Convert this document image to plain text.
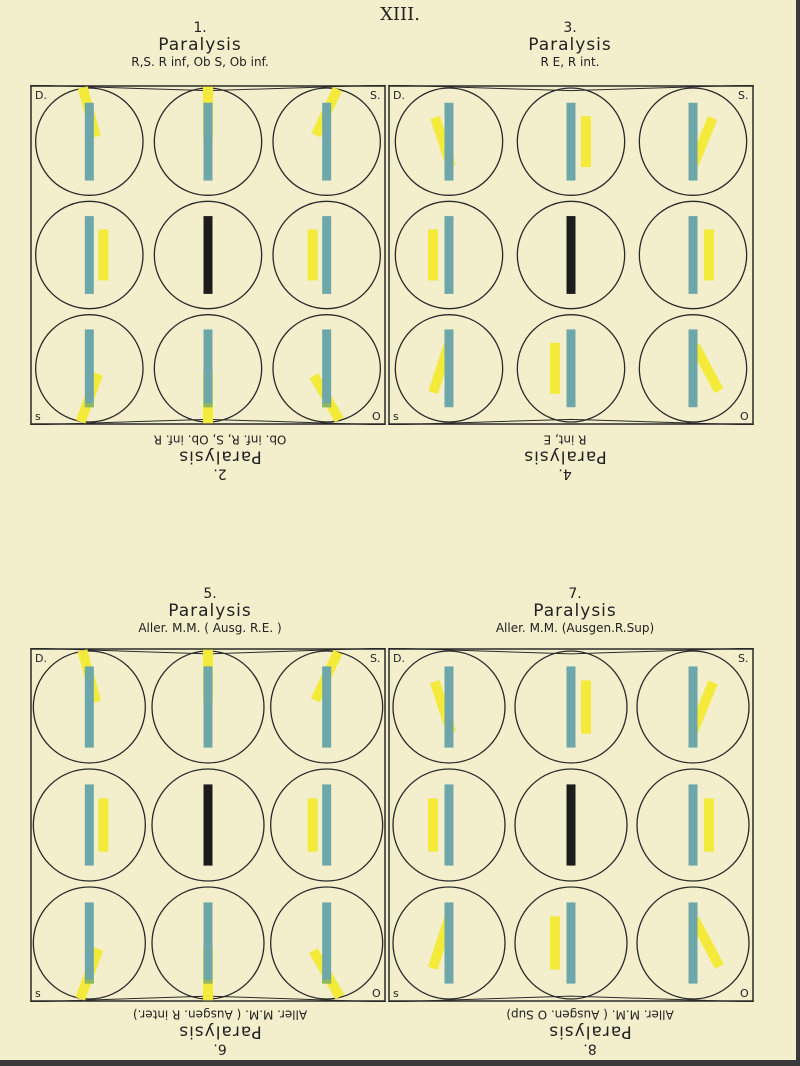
XIII.
1.
Paralysis
R,S. R inf, Ob S, Ob inf.
3.
Paralysis
R E, R int.
D.	S.
s	O
D.	S.
s	O
2.
Paralysis
Ob. inf. R, S, Ob. inf. R
4.
Paralysis
R int, E
5.
Paralysis
Aller. M.M. ( Ausg. R.E. )
7.
Paralysis
Aller. M.M. (Ausgen.R.Sup)
D.	S.
s	O
D.	S.
s	O
6.
Paralysis
Aller. M.M. ( Ausgen. R inter.)
8.
Paralysis
Aller. M.M. ( Ausgen. O Sup)
